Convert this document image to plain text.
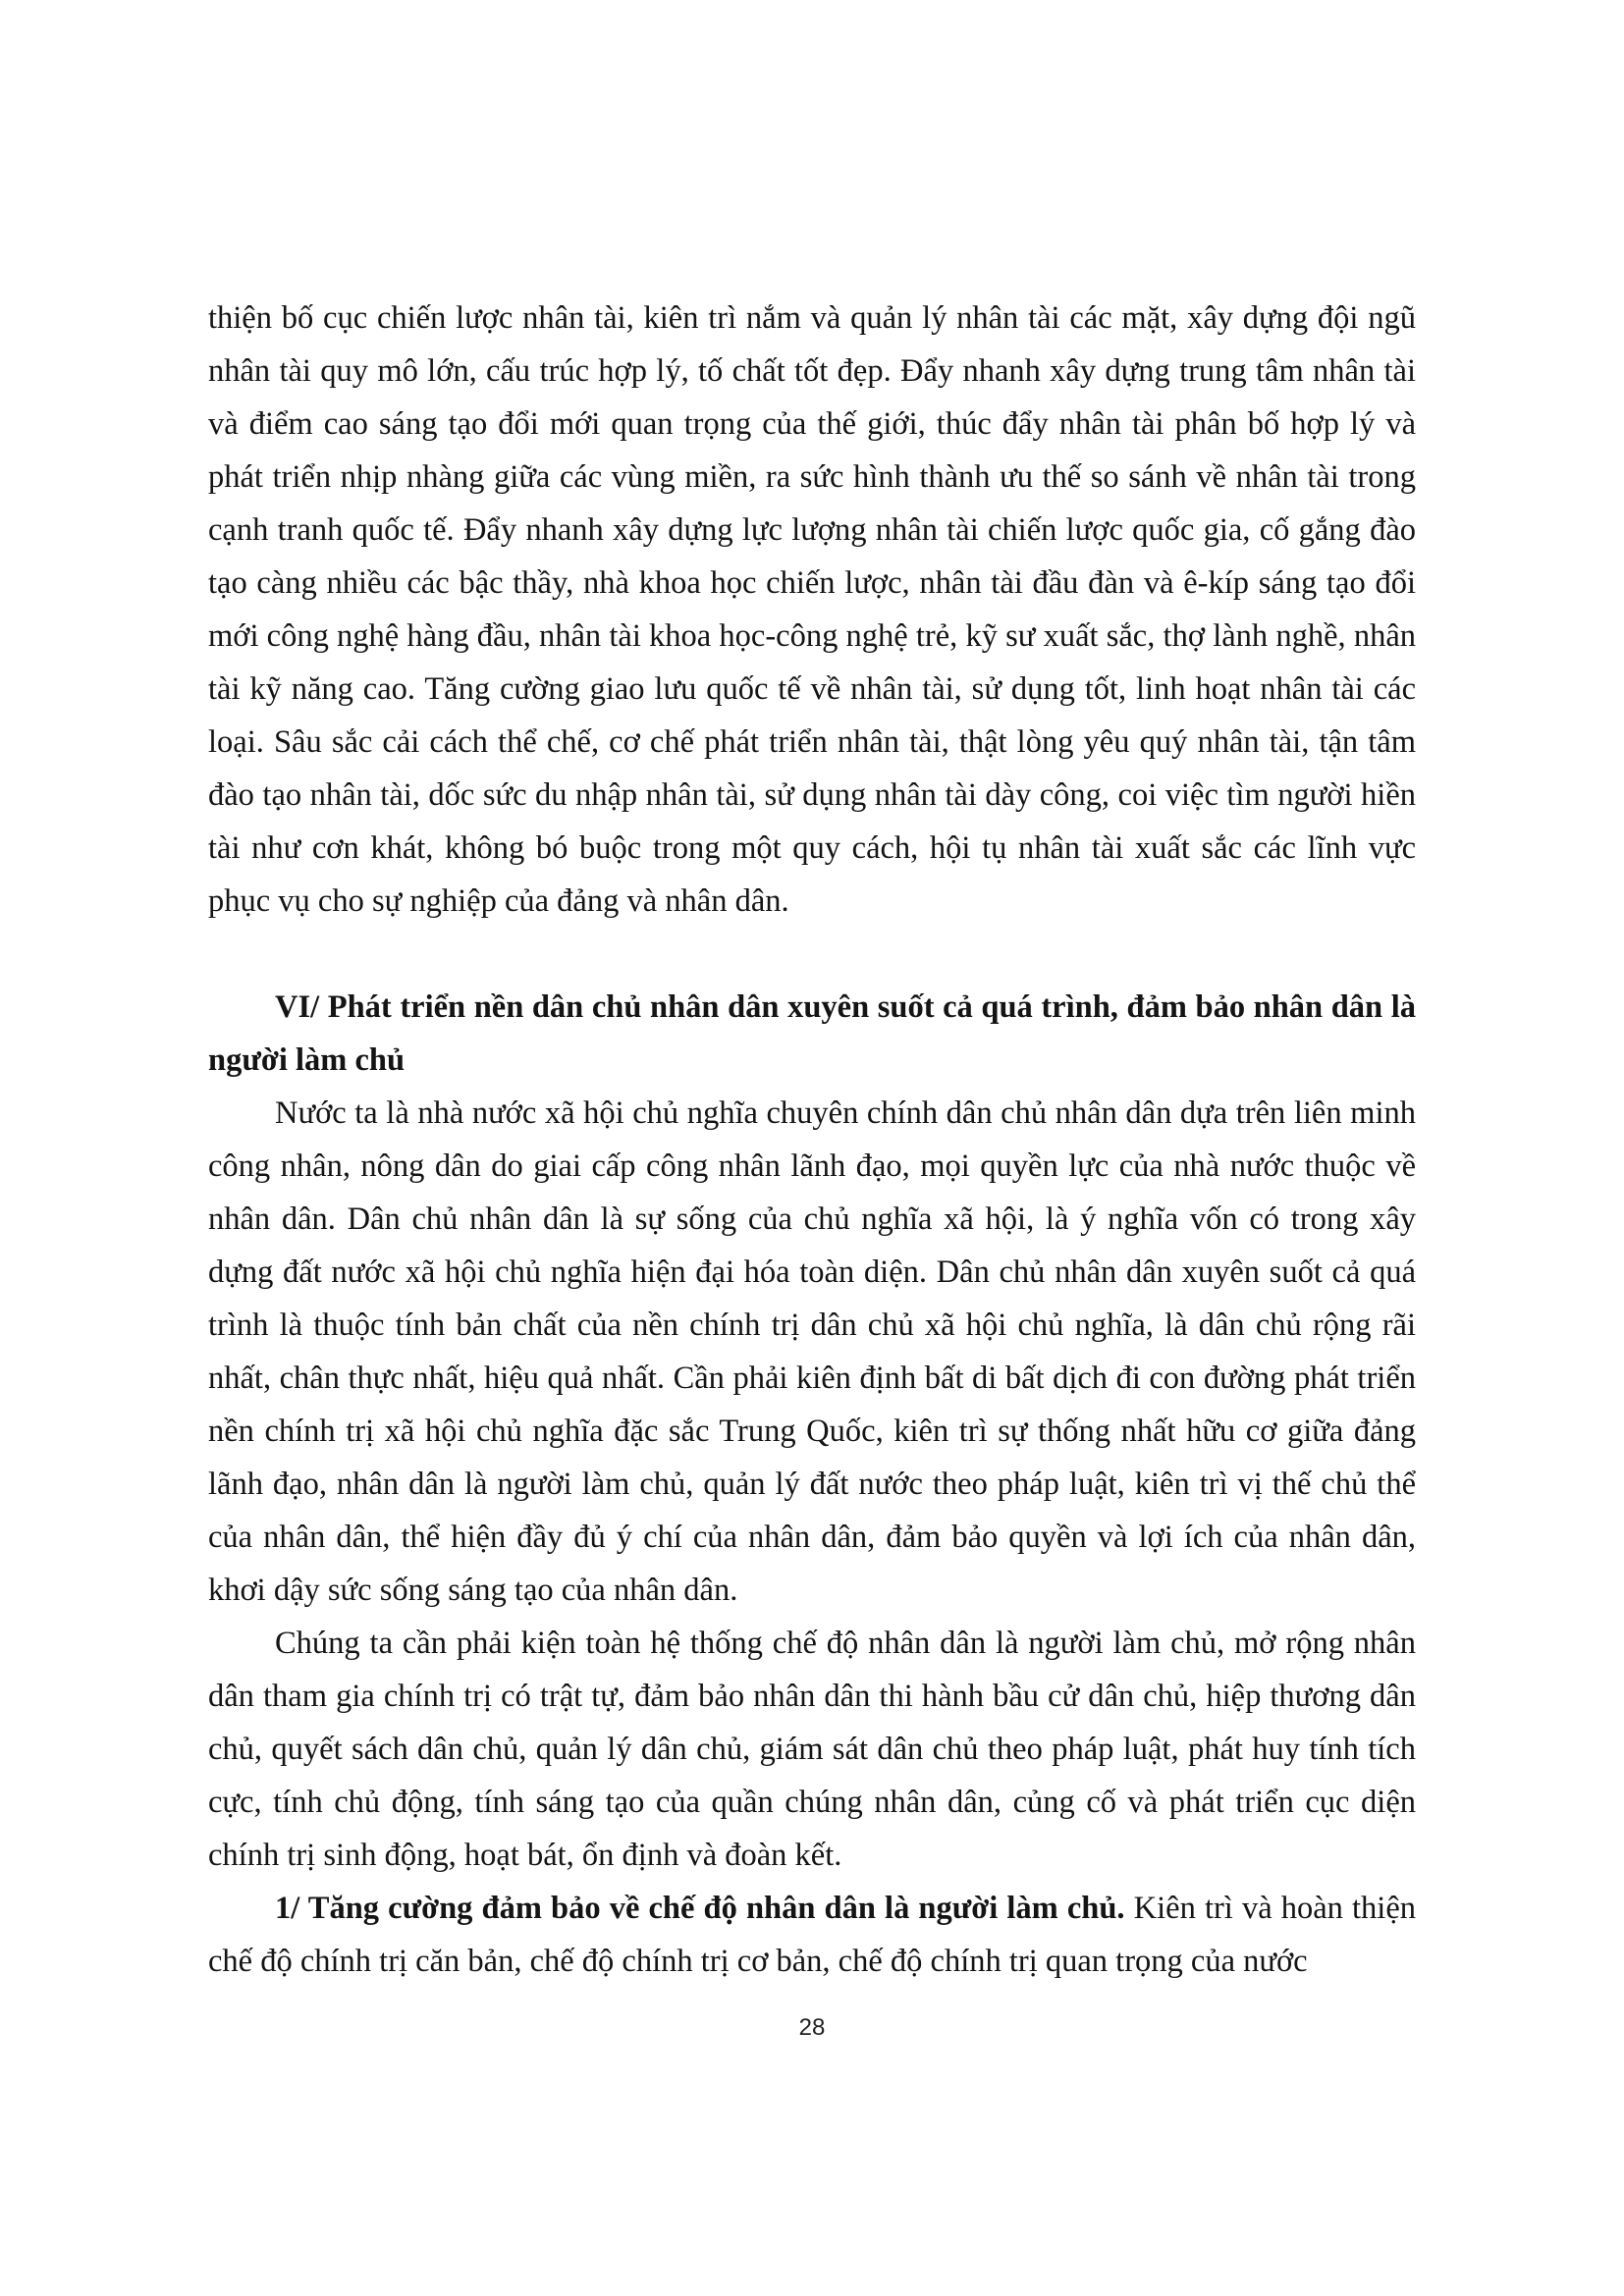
thiện bố cục chiến lược nhân tài, kiên trì nắm và quản lý nhân tài các mặt, xây dựng đội ngũ nhân tài quy mô lớn, cấu trúc hợp lý, tố chất tốt đẹp. Đẩy nhanh xây dựng trung tâm nhân tài và điểm cao sáng tạo đổi mới quan trọng của thế giới, thúc đẩy nhân tài phân bố hợp lý và phát triển nhịp nhàng giữa các vùng miền, ra sức hình thành ưu thế so sánh về nhân tài trong cạnh tranh quốc tế. Đẩy nhanh xây dựng lực lượng nhân tài chiến lược quốc gia, cố gắng đào tạo càng nhiều các bậc thầy, nhà khoa học chiến lược, nhân tài đầu đàn và ê-kíp sáng tạo đổi mới công nghệ hàng đầu, nhân tài khoa học-công nghệ trẻ, kỹ sư xuất sắc, thợ lành nghề, nhân tài kỹ năng cao. Tăng cường giao lưu quốc tế về nhân tài, sử dụng tốt, linh hoạt nhân tài các loại. Sâu sắc cải cách thể chế, cơ chế phát triển nhân tài, thật lòng yêu quý nhân tài, tận tâm đào tạo nhân tài, dốc sức du nhập nhân tài, sử dụng nhân tài dày công, coi việc tìm người hiền tài như cơn khát, không bó buộc trong một quy cách, hội tụ nhân tài xuất sắc các lĩnh vực phục vụ cho sự nghiệp của đảng và nhân dân.

VI/ Phát triển nền dân chủ nhân dân xuyên suốt cả quá trình, đảm bảo nhân dân là người làm chủ

Nước ta là nhà nước xã hội chủ nghĩa chuyên chính dân chủ nhân dân dựa trên liên minh công nhân, nông dân do giai cấp công nhân lãnh đạo, mọi quyền lực của nhà nước thuộc về nhân dân. Dân chủ nhân dân là sự sống của chủ nghĩa xã hội, là ý nghĩa vốn có trong xây dựng đất nước xã hội chủ nghĩa hiện đại hóa toàn diện. Dân chủ nhân dân xuyên suốt cả quá trình là thuộc tính bản chất của nền chính trị dân chủ xã hội chủ nghĩa, là dân chủ rộng rãi nhất, chân thực nhất, hiệu quả nhất. Cần phải kiên định bất di bất dịch đi con đường phát triển nền chính trị xã hội chủ nghĩa đặc sắc Trung Quốc, kiên trì sự thống nhất hữu cơ giữa đảng lãnh đạo, nhân dân là người làm chủ, quản lý đất nước theo pháp luật, kiên trì vị thế chủ thể của nhân dân, thể hiện đầy đủ ý chí của nhân dân, đảm bảo quyền và lợi ích của nhân dân, khơi dậy sức sống sáng tạo của nhân dân.

Chúng ta cần phải kiện toàn hệ thống chế độ nhân dân là người làm chủ, mở rộng nhân dân tham gia chính trị có trật tự, đảm bảo nhân dân thi hành bầu cử dân chủ, hiệp thương dân chủ, quyết sách dân chủ, quản lý dân chủ, giám sát dân chủ theo pháp luật, phát huy tính tích cực, tính chủ động, tính sáng tạo của quần chúng nhân dân, củng cố và phát triển cục diện chính trị sinh động, hoạt bát, ổn định và đoàn kết.

1/ Tăng cường đảm bảo về chế độ nhân dân là người làm chủ. Kiên trì và hoàn thiện chế độ chính trị căn bản, chế độ chính trị cơ bản, chế độ chính trị quan trọng của nước

28
